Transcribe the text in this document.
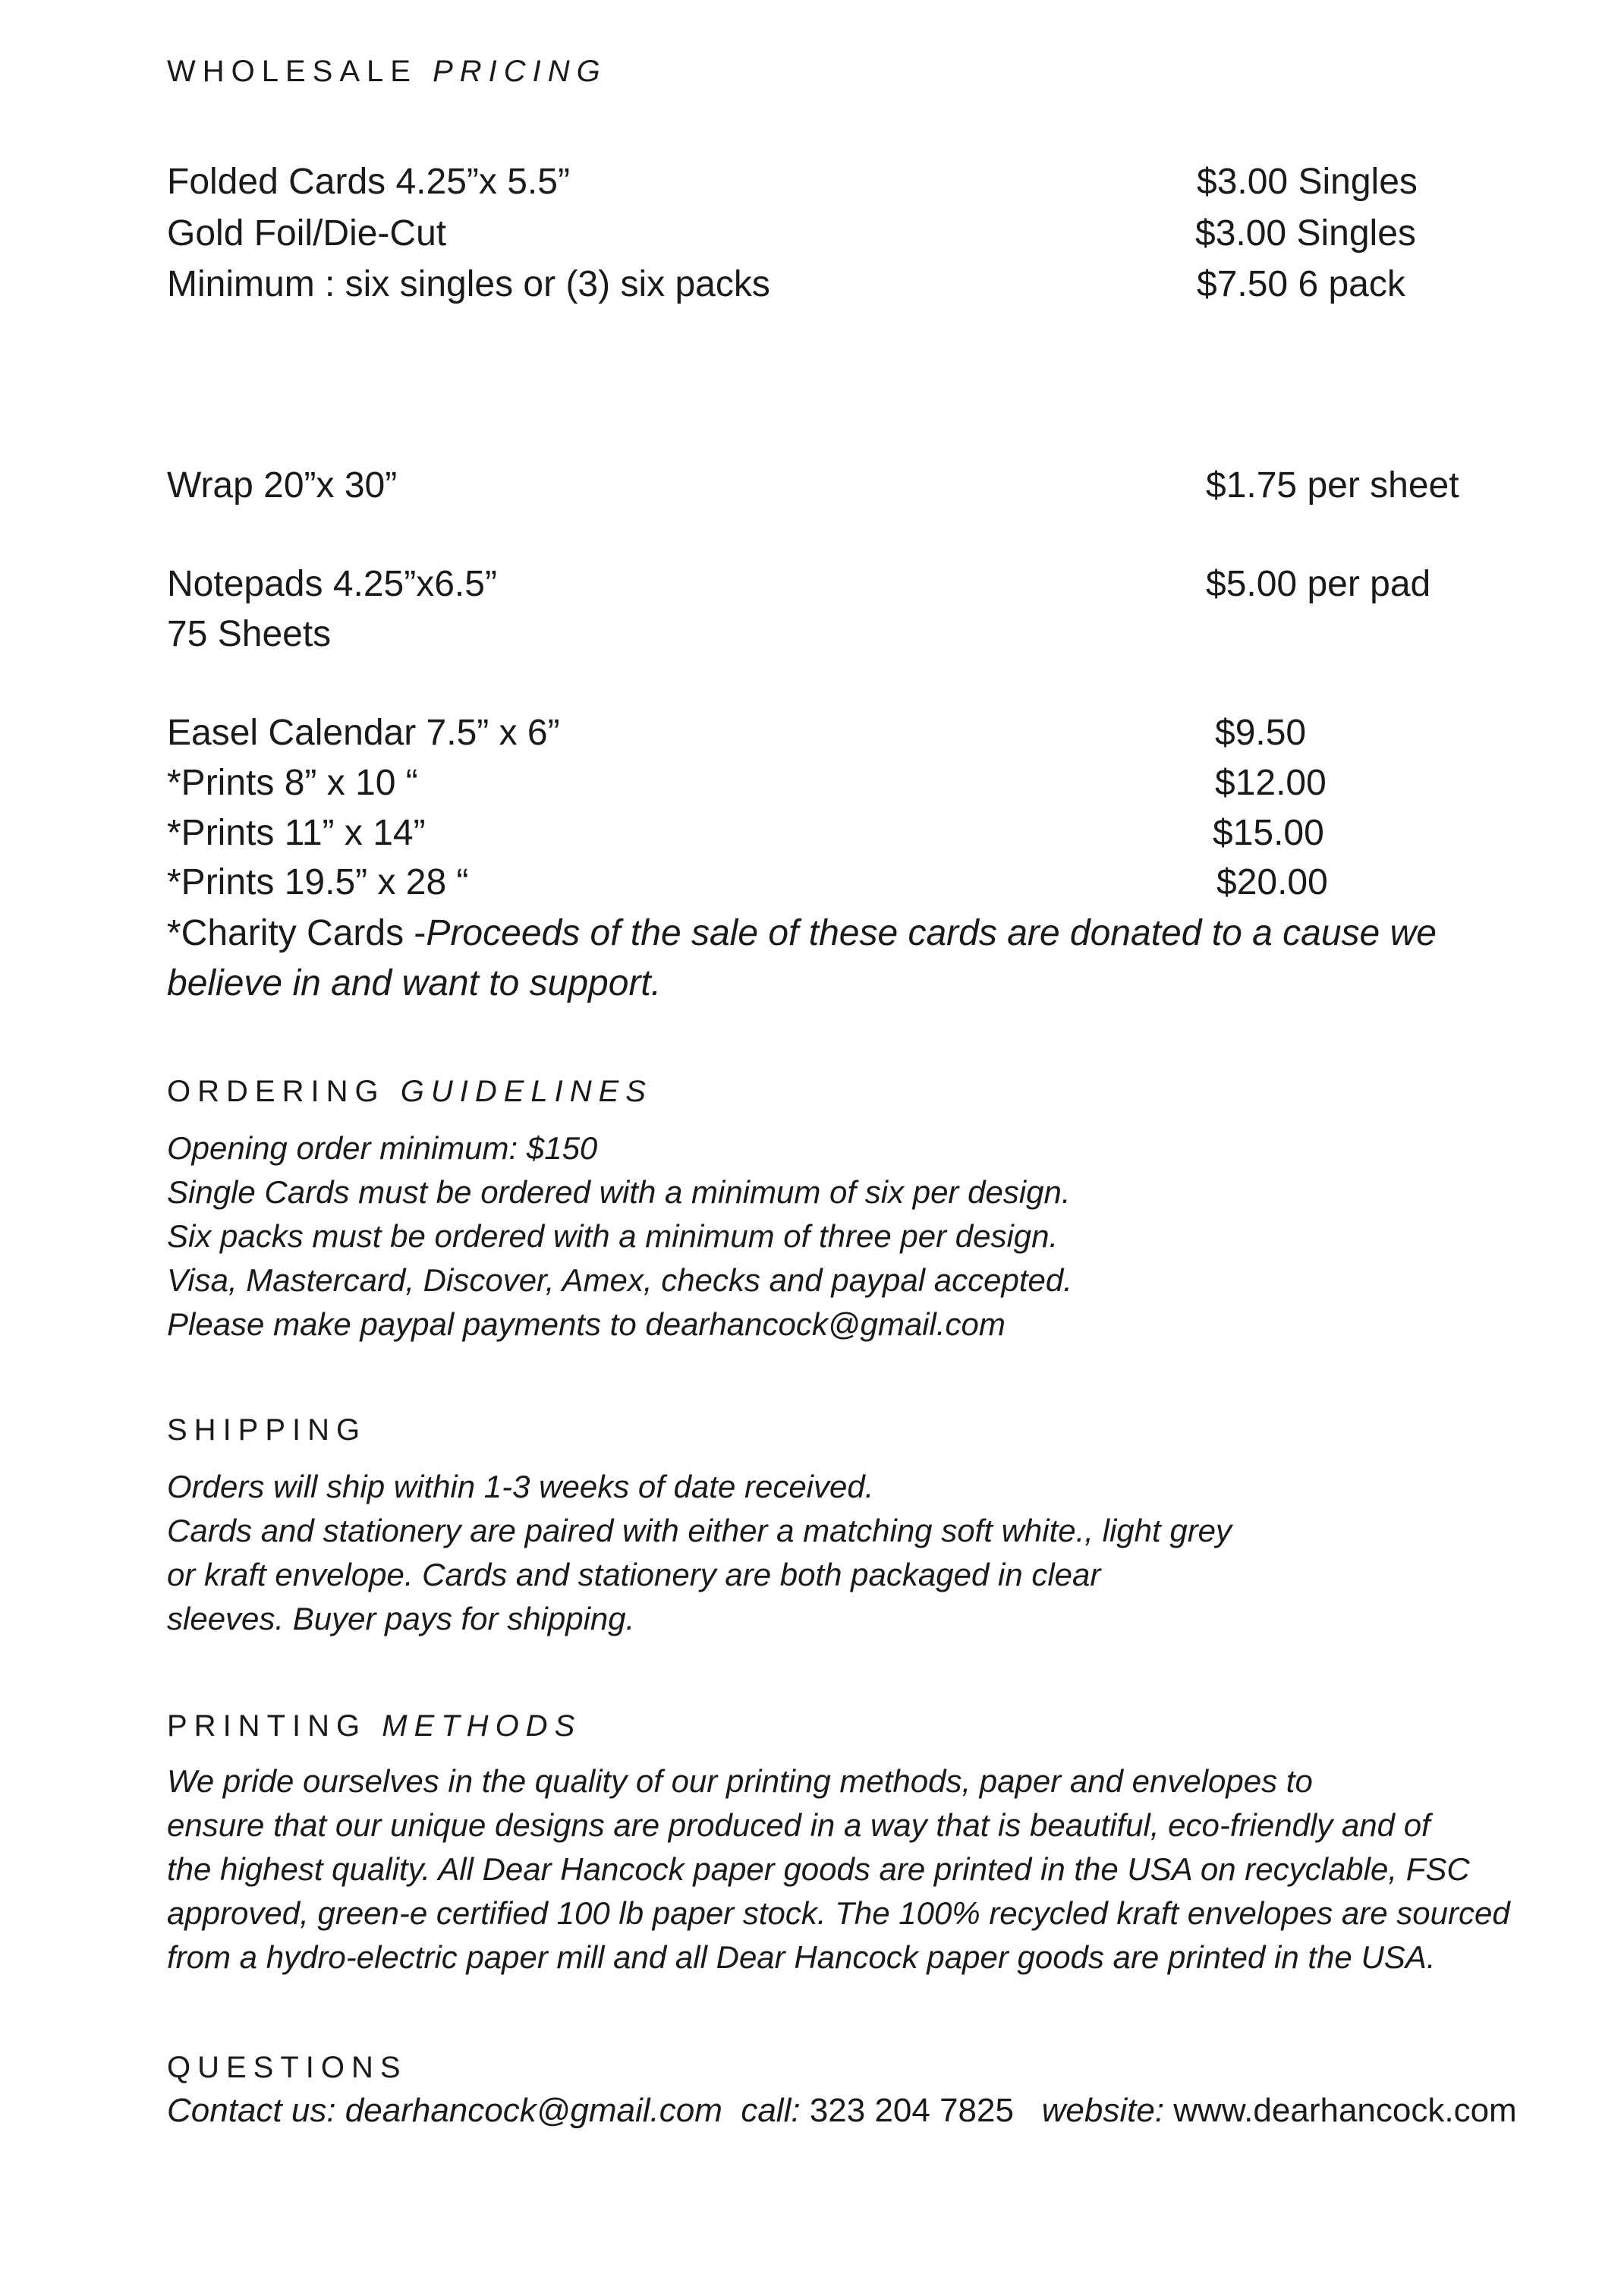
WHOLESALE PRICING
Folded Cards 4.25”x 5.5”	$3.00 Singles
Gold Foil/Die-Cut	$3.00 Singles
Minimum : six singles or (3) six packs	$7.50 6 pack
Wrap 20”x 30”	$1.75 per sheet
Notepads 4.25”x6.5”	$5.00 per pad
75 Sheets
Easel Calendar 7.5” x 6”	$9.50
*Prints 8” x 10 “	$12.00
*Prints 11” x 14”	$15.00
*Prints 19.5” x 28 “	$20.00
*Charity Cards -Proceeds of the sale of these cards are donated to a cause we believe in and want to support.
ORDERING GUIDELINES
Opening order minimum: $150
Single Cards must be ordered with a minimum of six per design.
Six packs must be ordered with a minimum of three per design.
Visa, Mastercard, Discover, Amex, checks and paypal accepted.
Please make paypal payments to dearhancock@gmail.com
SHIPPING
Orders will ship within 1-3 weeks of date received.
Cards and stationery are paired with either a matching soft white., light grey
or kraft envelope. Cards and stationery are both packaged in clear
sleeves. Buyer pays for shipping.
PRINTING METHODS
We pride ourselves in the quality of our printing methods, paper and envelopes to
ensure that our unique designs are produced in a way that is beautiful, eco-friendly and of
the highest quality. All Dear Hancock paper goods are printed in the USA on recyclable, FSC
approved, green-e certified 100 lb paper stock. The 100% recycled kraft envelopes are sourced
from a hydro-electric paper mill and all Dear Hancock paper goods are printed in the USA.
QUESTIONS
Contact us: dearhancock@gmail.com  call: 323 204 7825   website: www.dearhancock.com
